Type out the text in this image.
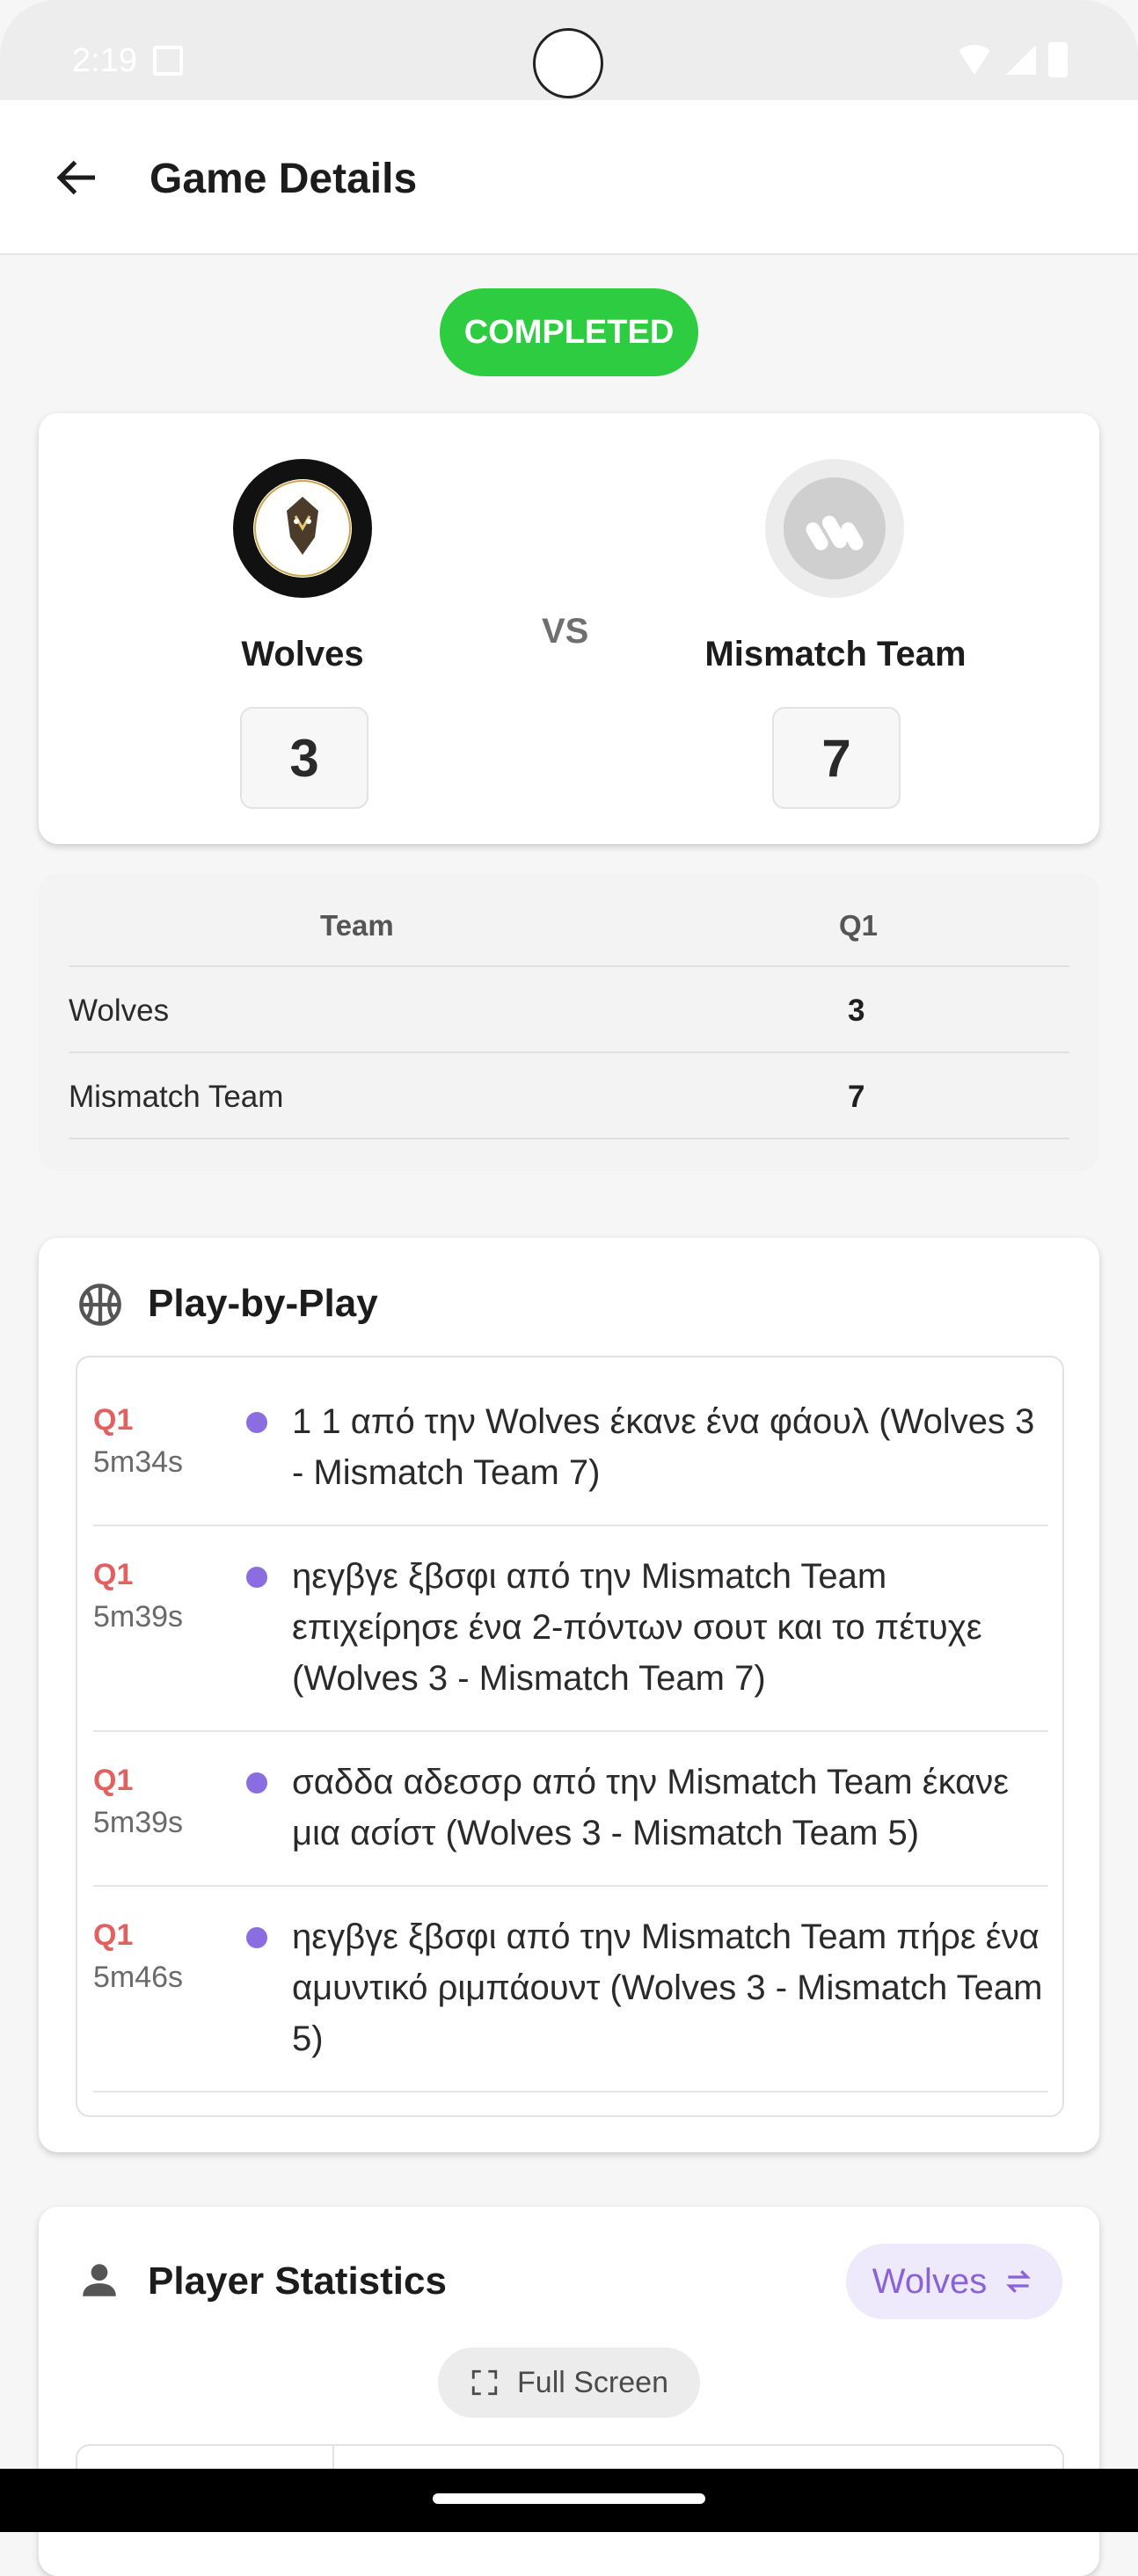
2:19
Game Details
COMPLETED
Wolves	Mismatch Team
VS
3	7
Team	Q1
Wolves	3
Mismatch Team	7
Play-by-Play
Q1
5m34s
1 1 από την Wolves έκανε ένα φάουλ (Wolves 3 - Mismatch Team 7)
Q1
5m39s
ηεγβγε ξβσφι από την Mismatch Team επιχείρησε ένα 2-πόντων σουτ και το πέτυχε (Wolves 3 - Mismatch Team 7)
Q1
5m39s
σαδδα αδεσσρ από την Mismatch Team έκανε μια ασίστ (Wolves 3 - Mismatch Team 5)
Q1
5m46s
ηεγβγε ξβσφι από την Mismatch Team πήρε ένα αμυντικό ριμπάουντ (Wolves 3 - Mismatch Team 5)
Player Statistics	Wolves
Full Screen
